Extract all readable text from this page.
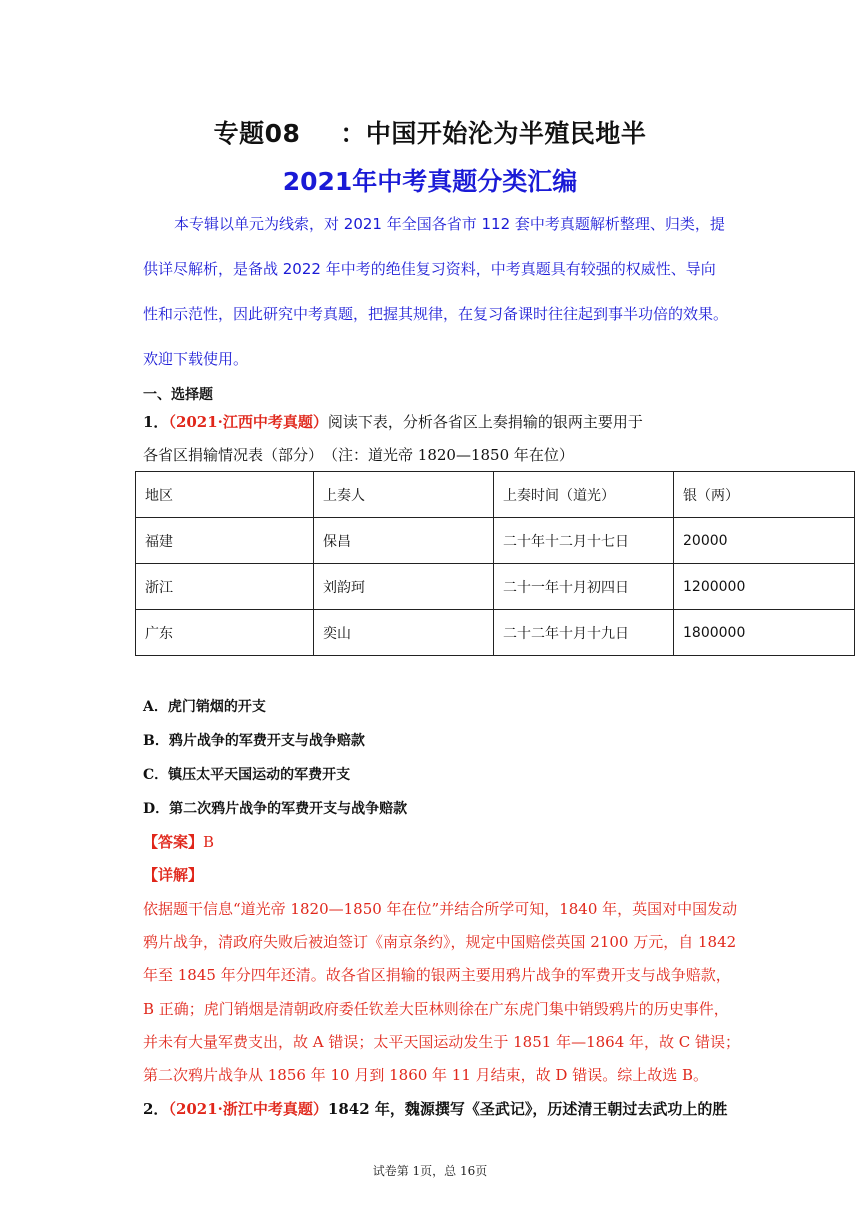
专题08 ：中国开始沦为半殖民地半
2021年中考真题分类汇编
本专辑以单元为线索，对 2021 年全国各省市 112 套中考真题解析整理、归类，提
供详尽解析，是备战 2022 年中考的绝佳复习资料，中考真题具有较强的权威性、导向
性和示范性，因此研究中考真题，把握其规律，在复习备课时往往起到事半功倍的效果。
欢迎下载使用。
一、选择题
1．（2021·江西中考真题）阅读下表，分析各省区上奏捐输的银两主要用于
各省区捐输情况表（部分）　（注：道光帝 1820—1850 年在位）
地区	上奏人	上奏时间（道光）	银（两）
福建	保昌	二十年十二月十七日	20000
浙江	刘韵珂	二十一年十月初四日	1200000
广东	奕山	二十二年十月十九日	1800000
A．虎门销烟的开支
B．鸦片战争的军费开支与战争赔款
C．镇压太平天国运动的军费开支
D．第二次鸦片战争的军费开支与战争赔款
【答案】B
【详解】
依据题干信息“道光帝 1820—1850 年在位”并结合所学可知，1840 年，英国对中国发动
鸦片战争，清政府失败后被迫签订《南京条约》，规定中国赔偿英国 2100 万元，自 1842
年至 1845 年分四年还清。故各省区捐输的银两主要用鸦片战争的军费开支与战争赔款，
B 正确；虎门销烟是清朝政府委任钦差大臣林则徐在广东虎门集中销毁鸦片的历史事件，
并未有大量军费支出，故 A 错误；太平天国运动发生于 1851 年—1864 年，故 C 错误；
第二次鸦片战争从 1856 年 10 月到 1860 年 11 月结束，故 D 错误。综上故选 B。
2．（2021·浙江中考真题）1842 年，魏源撰写《圣武记》，历述清王朝过去武功上的胜
试卷第 1页，总 16页
